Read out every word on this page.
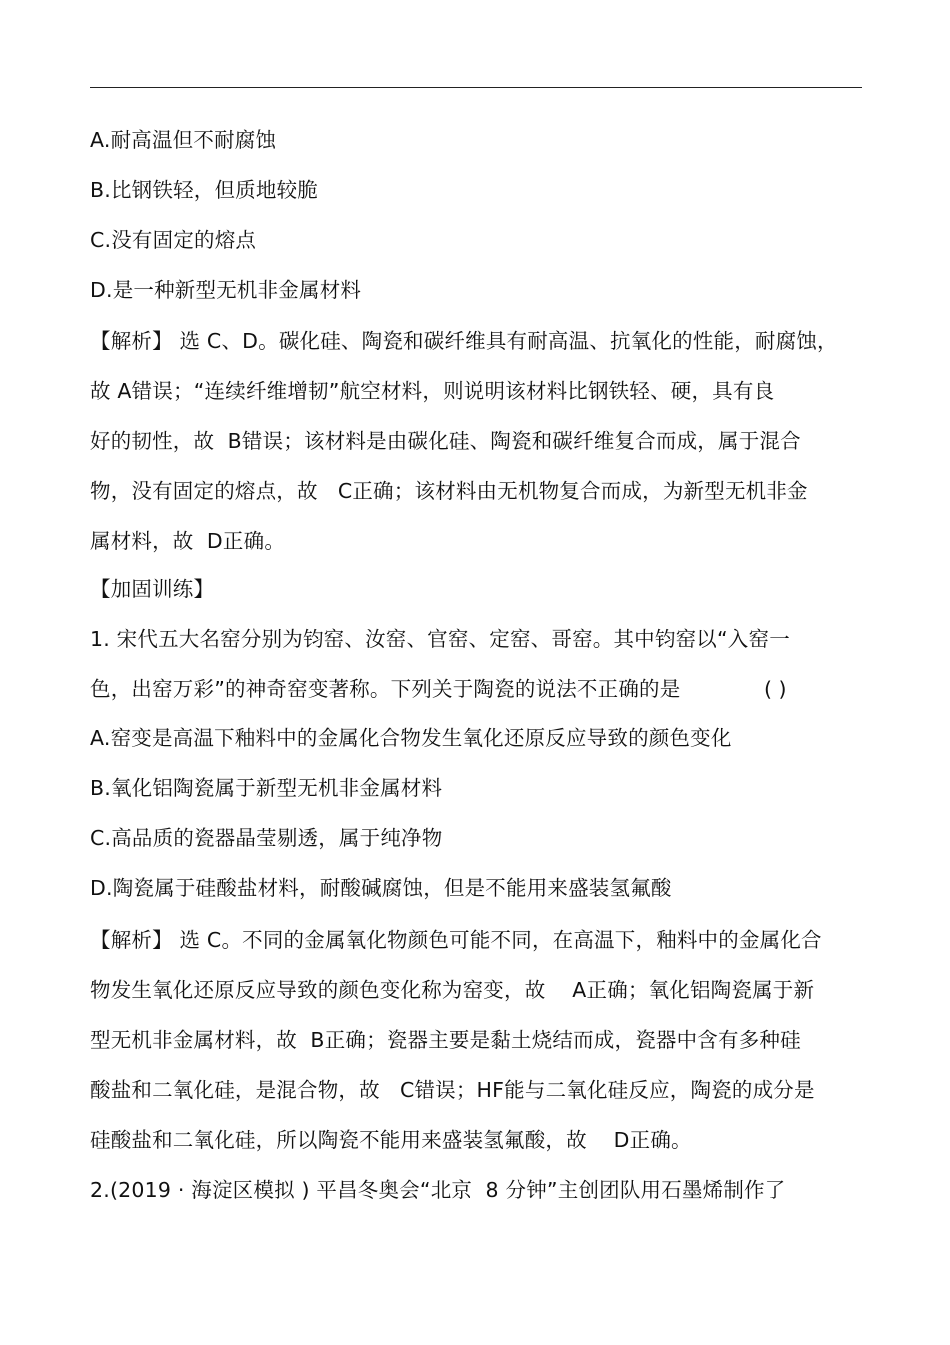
A.耐高温但不耐腐蚀
B.比钢铁轻，但质地较脆
C.没有固定的熔点
D.是一种新型无机非金属材料
【解析】 选 C、D。碳化硅、陶瓷和碳纤维具有耐高温、抗氧化的性能，耐腐蚀，
故 A错误；“连续纤维增韧”航空材料，则说明该材料比钢铁轻、硬，具有良
好的韧性，故  B错误；该材料是由碳化硅、陶瓷和碳纤维复合而成，属于混合
物，没有固定的熔点，故   C正确；该材料由无机物复合而成，为新型无机非金
属材料，故  D正确。
【加固训练】
1. 宋代五大名窑分别为钧窑、汝窑、官窑、定窑、哥窑。其中钧窑以“入窑一
色，出窑万彩”的神奇窑变著称。下列关于陶瓷的说法不正确的是	( )
A.窑变是高温下釉料中的金属化合物发生氧化还原反应导致的颜色变化
B.氧化铝陶瓷属于新型无机非金属材料
C.高品质的瓷器晶莹剔透，属于纯净物
D.陶瓷属于硅酸盐材料，耐酸碱腐蚀，但是不能用来盛装氢氟酸
【解析】 选 C。不同的金属氧化物颜色可能不同，在高温下，釉料中的金属化合
物发生氧化还原反应导致的颜色变化称为窑变，故    A正确；氧化铝陶瓷属于新
型无机非金属材料，故  B正确；瓷器主要是黏土烧结而成，瓷器中含有多种硅
酸盐和二氧化硅，是混合物，故   C错误；HF能与二氧化硅反应，陶瓷的成分是
硅酸盐和二氧化硅，所以陶瓷不能用来盛装氢氟酸，故    D正确。
2.(2019 · 海淀区模拟 ) 平昌冬奥会“北京  8 分钟”主创团队用石墨烯制作了
